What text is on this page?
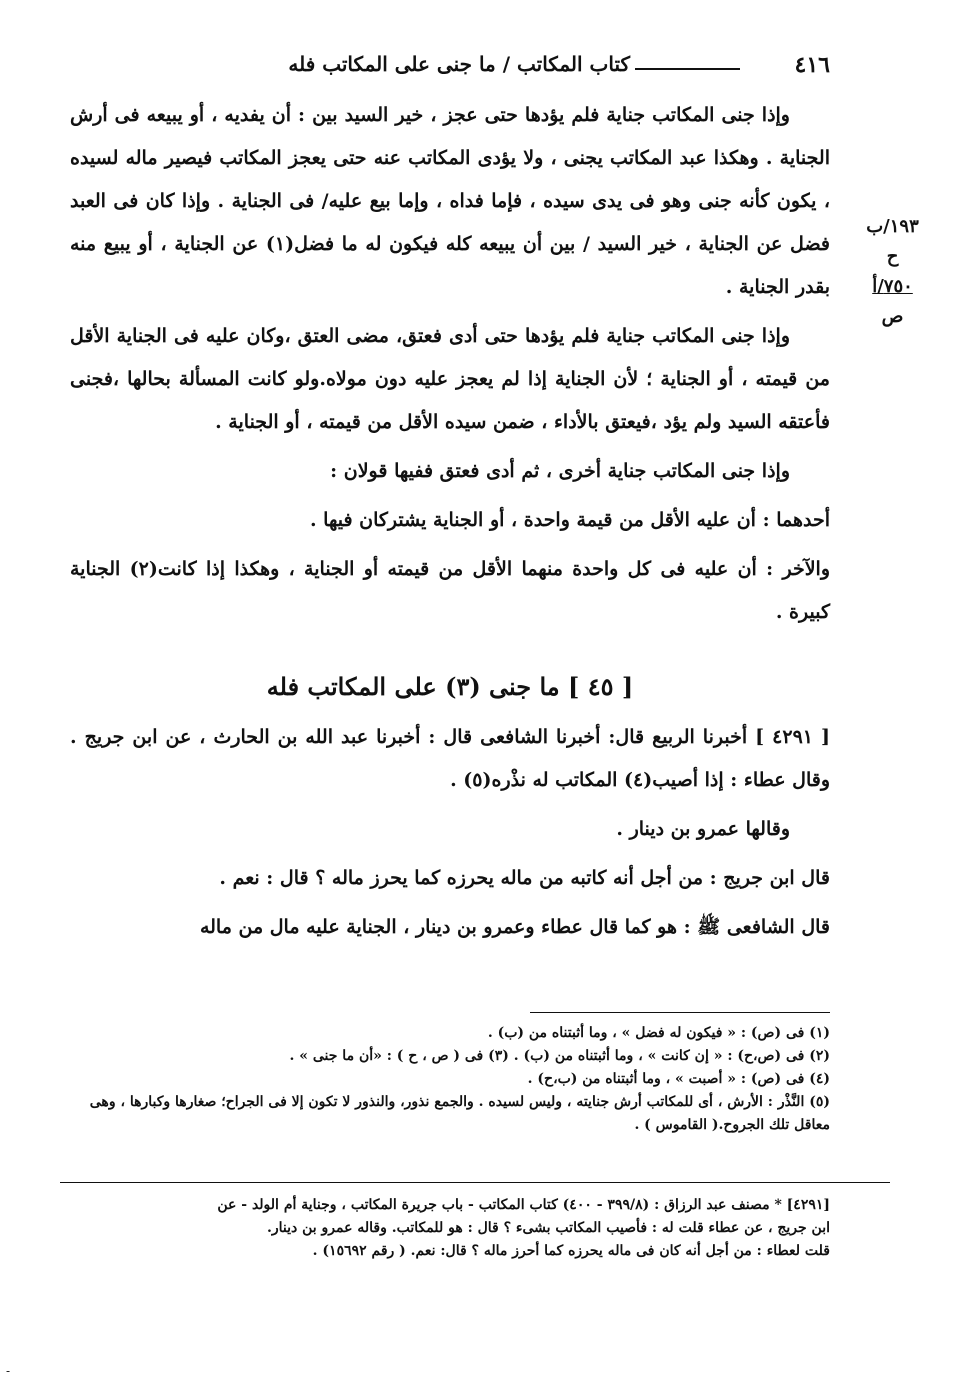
كتاب المكاتب / ما جنى على المكاتب فله	٤١٦
١٩٣/ب
ح
٧٥٠/أ
ص

وإذا جنى المكاتب جناية فلم يؤدها حتى عجز ، خير السيد بين : أن يفديه ، أو يبيعه فى أرش الجناية . وهكذا عبد المكاتب يجنى ، ولا يؤدى المكاتب عنه حتى يعجز المكاتب فيصير ماله لسيده ، يكون كأنه جنى وهو فى يدى سيده ، فإما فداه ، وإما بيع عليه/ فى الجناية . وإذا كان فى العبد فضل عن الجناية ، خير السيد / بين أن يبيعه كله فيكون له ما فضل(١) عن الجناية ، أو يبيع منه بقدر الجناية .

وإذا جنى المكاتب جناية فلم يؤدها حتى أدى فعتق، مضى العتق ،وكان عليه فى الجناية الأقل من قيمته ، أو الجناية ؛ لأن الجناية إذا لم يعجز عليه دون مولاه.ولو كانت المسألة بحالها ،فجنى فأعتقه السيد ولم يؤد ،فيعتق بالأداء ، ضمن سيده الأقل من قيمته ، أو الجناية .

وإذا جنى المكاتب جناية أخرى ، ثم أدى فعتق ففيها قولان :

أحدهما : أن عليه الأقل من قيمة واحدة ، أو الجناية يشتركان فيها .

والآخر : أن عليه فى كل واحدة منهما الأقل من قيمته أو الجناية ، وهكذا إذا كانت(٢) الجناية كبيرة .

[ ٤٥ ] ما جنى (٣) على المكاتب فله

[ ٤٢٩١ ] أخبرنا الربيع قال: أخبرنا الشافعى قال : أخبرنا عبد الله بن الحارث ، عن ابن جريج . وقال عطاء : إذا أصيب(٤) المكاتب له نذْره(٥) .

وقالها عمرو بن دينار .

قال ابن جريج : من أجل أنه كاتبه من ماله يحرزه كما يحرز ماله ؟ قال : نعم .

قال الشافعى ﷺ : هو كما قال عطاء وعمرو بن دينار ، الجناية عليه مال من ماله

(١) فى (ص) : « فيكون له فضل » ، وما أثبتناه من (ب) .

(٢) فى (ص،ح) : « إن كانت » ، وما أثبتناه من (ب) . (٣) فى ( ص ، ح ) : «أن ما جنى » .

(٤) فى (ص) : « أصبت » ، وما أثبتناه من (ب،ح) .

(٥) النَّذْر : الأرش ، أى للمكاتب أرش جنايته ، وليس لسيده . والجمع نذور، والنذور لا تكون إلا فى الجراح؛ صغارها وكبارها ، وهى معاقل تلك الجروح.( القاموس ) .

[٤٢٩١] * مصنف عبد الرزاق : (٣٩٩/٨ - ٤٠٠) كتاب المكاتب - باب جريرة المكاتب ، وجناية أم الولد - عن

ابن جريج ، عن عطاء قلت له : فأصيب المكاتب بشىء ؟ قال : هو للمكاتب. وقاله عمرو بن دينار.

قلت لعطاء : من أجل أنه كان فى ماله يحرزه كما أحرز ماله ؟ قال: نعم. ( رقم ١٥٦٩٢) .

-
